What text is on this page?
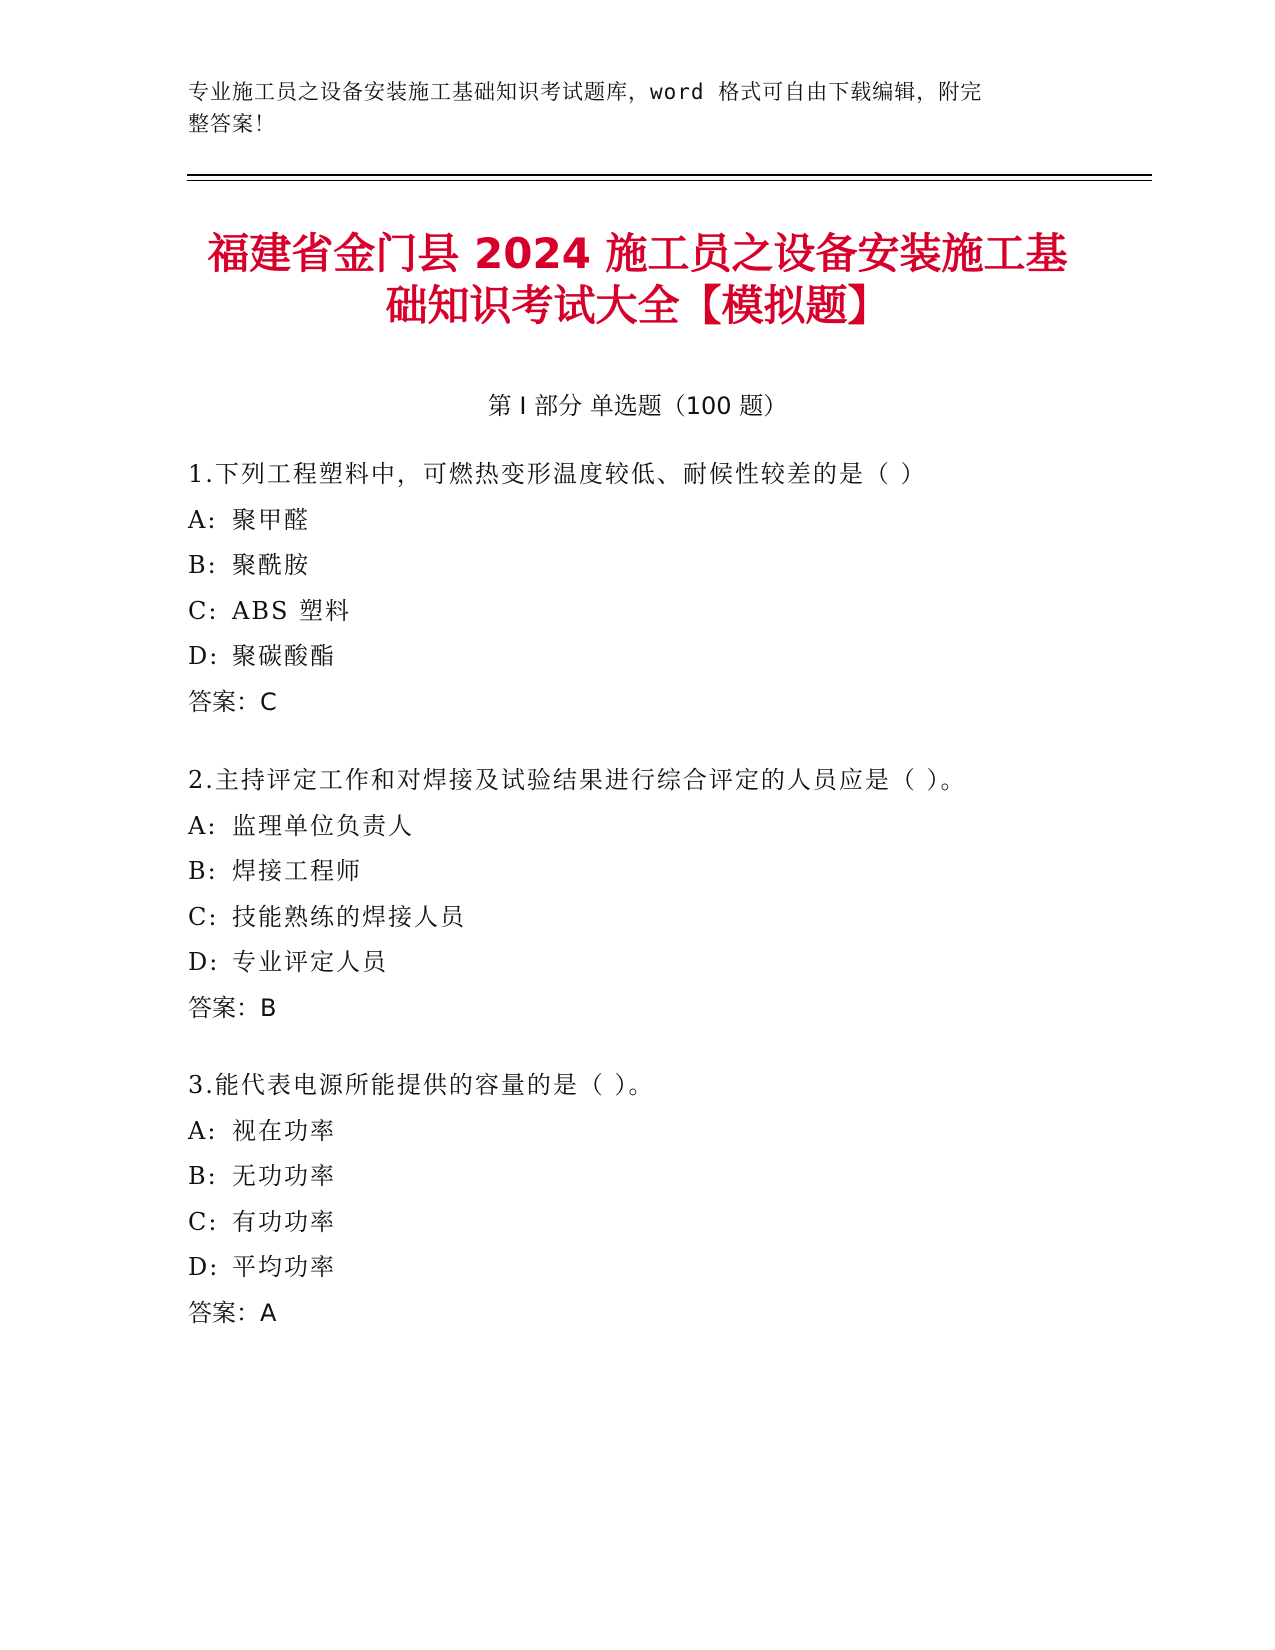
专业施工员之设备安装施工基础知识考试题库，word 格式可自由下载编辑，附完
整答案！
福建省金门县 2024 施工员之设备安装施工基
础知识考试大全【模拟题】
第 I 部分 单选题（100 题）
1.下列工程塑料中，可燃热变形温度较低、耐候性较差的是（ ）
A: 聚甲醛
B: 聚酰胺
C: ABS 塑料
D: 聚碳酸酯
答案：C
2.主持评定工作和对焊接及试验结果进行综合评定的人员应是（ ）。
A: 监理单位负责人
B: 焊接工程师
C: 技能熟练的焊接人员
D: 专业评定人员
答案：B
3.能代表电源所能提供的容量的是（ ）。
A: 视在功率
B: 无功功率
C: 有功功率
D: 平均功率
答案：A
